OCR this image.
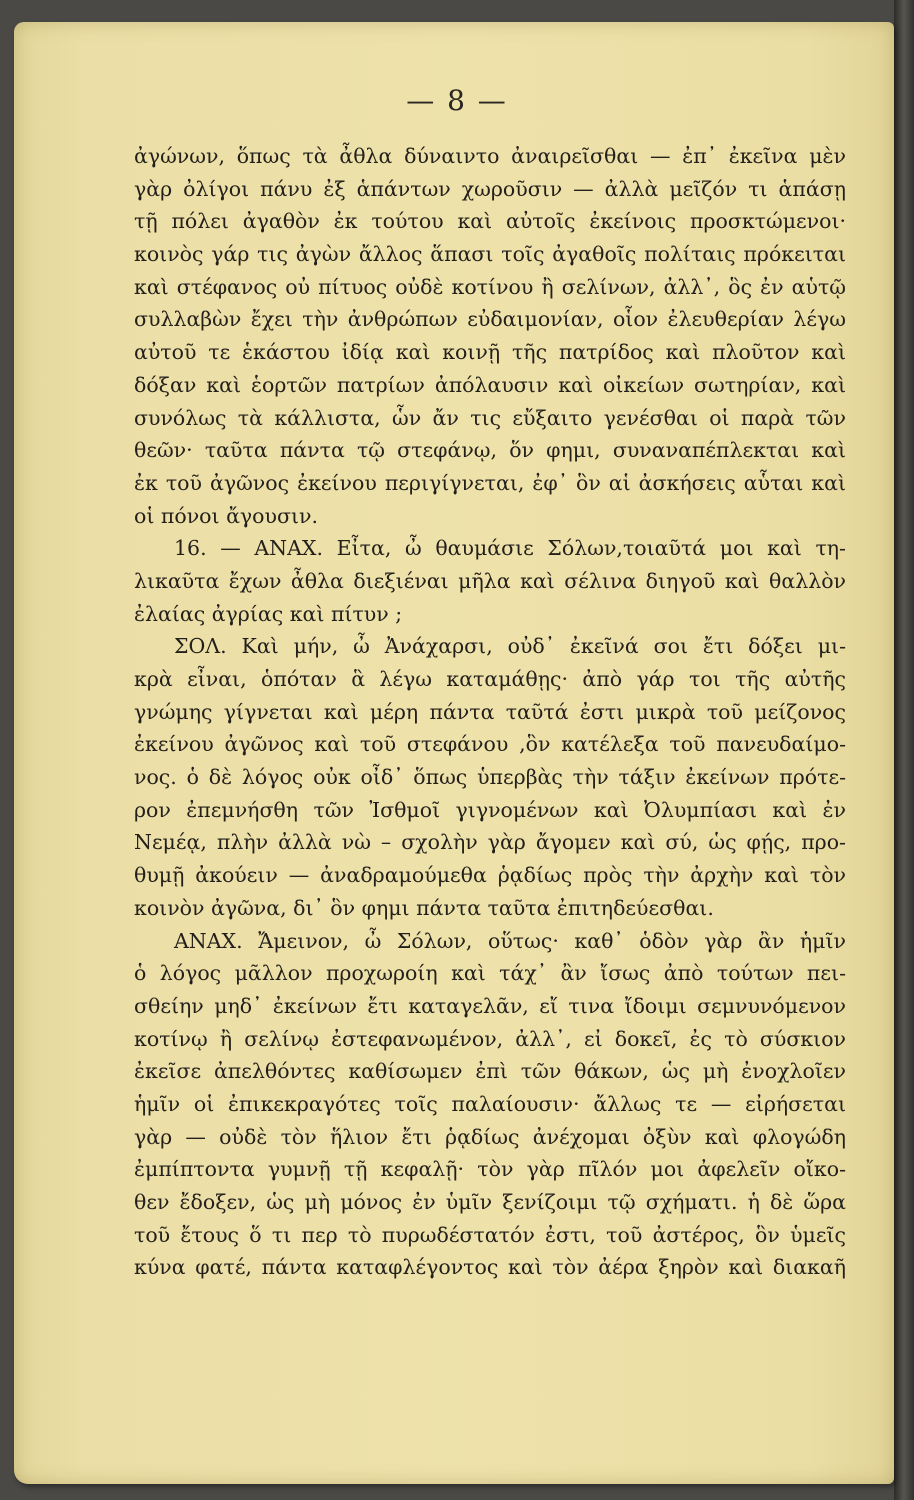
— 8 —
ἀγώνων, ὅπως τὰ ἆθλα δύναιντο ἀναιρεῖσθαι — ἐπ᾽ ἐκεῖνα μὲν
γὰρ ὀλίγοι πάνυ ἐξ ἁπάντων χωροῦσιν — ἀλλὰ μεῖζόν τι ἁπάσῃ
τῇ πόλει ἀγαθὸν ἐκ τούτου καὶ αὐτοῖς ἐκείνοις προσκτώμενοι·
κοινὸς γάρ τις ἀγὼν ἄλλος ἅπασι τοῖς ἀγαθοῖς πολίταις πρόκειται
καὶ στέφανος οὐ πίτυος οὐδὲ κοτίνου ἢ σελίνων, ἀλλ᾽, ὃς ἐν αὑτῷ
συλλαβὼν ἔχει τὴν ἀνθρώπων εὐδαιμονίαν, οἷον ἐλευθερίαν λέγω
αὐτοῦ τε ἑκάστου ἰδίᾳ καὶ κοινῇ τῆς πατρίδος καὶ πλοῦτον καὶ
δόξαν καὶ ἑορτῶν πατρίων ἀπόλαυσιν καὶ οἰκείων σωτηρίαν, καὶ
συνόλως τὰ κάλλιστα, ὧν ἄν τις εὔξαιτο γενέσθαι οἱ παρὰ τῶν
θεῶν· ταῦτα πάντα τῷ στεφάνῳ, ὅν φημι, συναναπέπλεκται καὶ
ἐκ τοῦ ἀγῶνος ἐκείνου περιγίγνεται, ἐφ᾽ ὃν αἱ ἀσκήσεις αὗται καὶ
οἱ πόνοι ἄγουσιν.
16. — ΑΝΑΧ. Εἶτα, ὦ θαυμάσιε Σόλων,τοιαῦτά μοι καὶ τη-
λικαῦτα ἔχων ἆθλα διεξιέναι μῆλα καὶ σέλινα διηγοῦ καὶ θαλλὸν
ἐλαίας ἀγρίας καὶ πίτυν ;
ΣΟΛ. Καὶ μήν, ὦ Ἀνάχαρσι, οὐδ᾽ ἐκεῖνά σοι ἔτι δόξει μι-
κρὰ εἶναι, ὁπόταν ἃ λέγω καταμάθῃς· ἀπὸ γάρ τοι τῆς αὐτῆς
γνώμης γίγνεται καὶ μέρη πάντα ταῦτά ἐστι μικρὰ τοῦ μείζονος
ἐκείνου ἀγῶνος καὶ τοῦ στεφάνου ,ὃν κατέλεξα τοῦ πανευδαίμο-
νος. ὁ δὲ λόγος οὐκ οἶδ᾽ ὅπως ὑπερβὰς τὴν τάξιν ἐκείνων πρότε-
ρον ἐπεμνήσθη τῶν Ἰσθμοῖ γιγνομένων καὶ Ὀλυμπίασι καὶ ἐν
Νεμέᾳ, πλὴν ἀλλὰ νὼ – σχολὴν γὰρ ἄγομεν καὶ σύ, ὡς φῄς, προ-
θυμῇ ἀκούειν — ἀναδραμούμεθα ῥᾳδίως πρὸς τὴν ἀρχὴν καὶ τὸν
κοινὸν ἀγῶνα, δι᾽ ὃν φημι πάντα ταῦτα ἐπιτηδεύεσθαι.
ΑΝΑΧ. Ἄμεινον, ὦ Σόλων, οὕτως· καθ᾽ ὁδὸν γὰρ ἂν ἡμῖν
ὁ λόγος μᾶλλον προχωροίη καὶ τάχ᾽ ἂν ἴσως ἀπὸ τούτων πει-
σθείην μηδ᾽ ἐκείνων ἔτι καταγελᾶν, εἴ τινα ἴδοιμι σεμνυνόμενον
κοτίνῳ ἢ σελίνῳ ἐστεφανωμένον, ἀλλ᾽, εἰ δοκεῖ, ἐς τὸ σύσκιον
ἐκεῖσε ἀπελθόντες καθίσωμεν ἐπὶ τῶν θάκων, ὡς μὴ ἐνοχλοῖεν
ἡμῖν οἱ ἐπικεκραγότες τοῖς παλαίουσιν· ἄλλως τε — εἰρήσεται
γὰρ — οὐδὲ τὸν ἥλιον ἔτι ῥᾳδίως ἀνέχομαι ὀξὺν καὶ φλογώδη
ἐμπίπτοντα γυμνῇ τῇ κεφαλῇ· τὸν γὰρ πῖλόν μοι ἀφελεῖν οἴκο-
θεν ἔδοξεν, ὡς μὴ μόνος ἐν ὑμῖν ξενίζοιμι τῷ σχήματι. ἡ δὲ ὥρα
τοῦ ἔτους ὅ τι περ τὸ πυρωδέστατόν ἐστι, τοῦ ἀστέρος, ὃν ὑμεῖς
κύνα φατέ, πάντα καταφλέγοντος καὶ τὸν ἀέρα ξηρὸν καὶ διακαῆ
